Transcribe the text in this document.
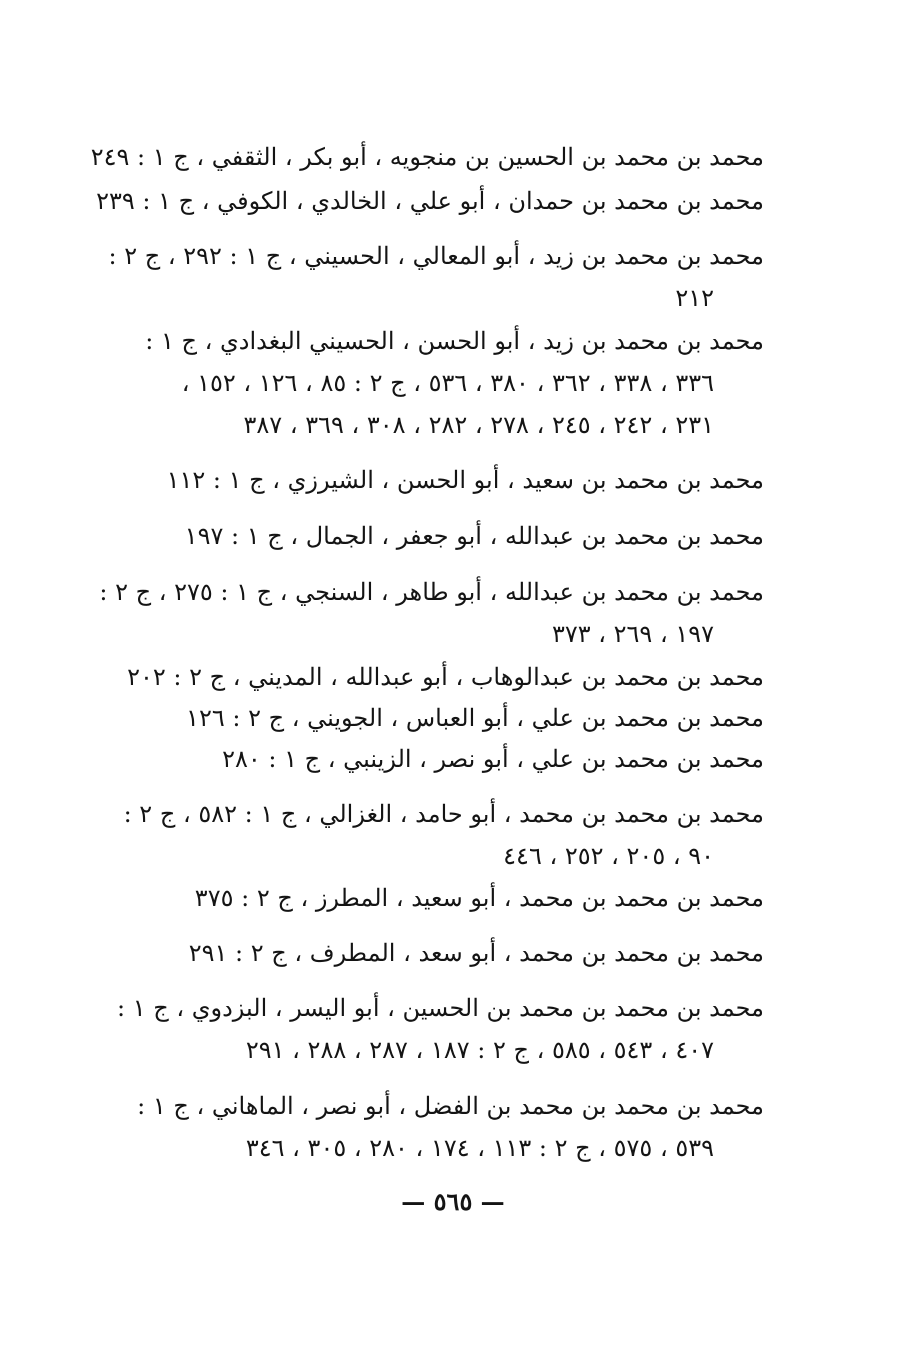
محمد بن محمد بن الحسين بن منجويه ، أبو بكر ، الثقفي ، ج ١ : ٢٤٩
محمد بن محمد بن حمدان ، أبو علي ، الخالدي ، الكوفي ، ج ١ : ٢٣٩
محمد بن محمد بن زيد ، أبو المعالي ، الحسيني ، ج ١ : ٢٩٢ ، ج ٢ :
٢١٢
محمد بن محمد بن زيد ، أبو الحسن ، الحسيني البغدادي ، ج ١ :
٣٣٦ ، ٣٣٨ ، ٣٦٢ ، ٣٨٠ ، ٥٣٦ ، ج ٢ : ٨٥ ، ١٢٦ ، ١٥٢ ،
٢٣١ ، ٢٤٢ ، ٢٤٥ ، ٢٧٨ ، ٢٨٢ ، ٣٠٨ ، ٣٦٩ ، ٣٨٧
محمد بن محمد بن سعيد ، أبو الحسن ، الشيرزي ، ج ١ : ١١٢
محمد بن محمد بن عبدالله ، أبو جعفر ، الجمال ، ج ١ : ١٩٧
محمد بن محمد بن عبدالله ، أبو طاهر ، السنجي ، ج ١ : ٢٧٥ ، ج ٢ :
١٩٧ ، ٢٦٩ ، ٣٧٣
محمد بن محمد بن عبدالوهاب ، أبو عبدالله ، المديني ، ج ٢ : ٢٠٢
محمد بن محمد بن علي ، أبو العباس ، الجويني ، ج ٢ : ١٢٦
محمد بن محمد بن علي ، أبو نصر ، الزينبي ، ج ١ : ٢٨٠
محمد بن محمد بن محمد ، أبو حامد ، الغزالي ، ج ١ : ٥٨٢ ، ج ٢ :
٩٠ ، ٢٠٥ ، ٢٥٢ ، ٤٤٦
محمد بن محمد بن محمد ، أبو سعيد ، المطرز ، ج ٢ : ٣٧٥
محمد بن محمد بن محمد ، أبو سعد ، المطرف ، ج ٢ : ٢٩١
محمد بن محمد بن محمد بن الحسين ، أبو اليسر ، البزدوي ، ج ١ :
٤٠٧ ، ٥٤٣ ، ٥٨٥ ، ج ٢ : ١٨٧ ، ٢٨٧ ، ٢٨٨ ، ٢٩١
محمد بن محمد بن محمد بن الفضل ، أبو نصر ، الماهاني ، ج ١ :
٥٣٩ ، ٥٧٥ ، ج ٢ : ١١٣ ، ١٧٤ ، ٢٨٠ ، ٣٠٥ ، ٣٤٦
— ٥٦٥ —
